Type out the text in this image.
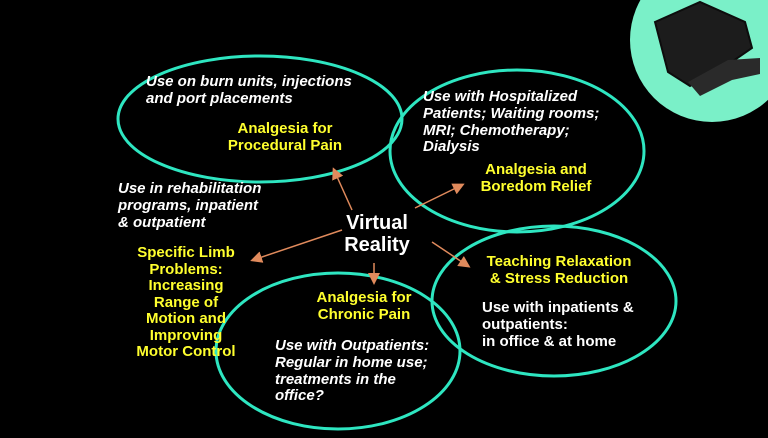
Virtual
Reality
Use on burn units, injections
and port placements
Analgesia for
Procedural Pain
Use with Hospitalized
Patients; Waiting rooms;
MRI; Chemotherapy;
Dialysis
Analgesia and
Boredom Relief
Use in rehabilitation
programs, inpatient
& outpatient
Specific Limb
Problems:
Increasing
Range of
Motion and
Improving
Motor Control
Analgesia for
Chronic Pain
Use with Outpatients:
Regular in home use;
treatments in the
office?
Teaching Relaxation
& Stress Reduction
Use with inpatients &
outpatients:
in office & at home
